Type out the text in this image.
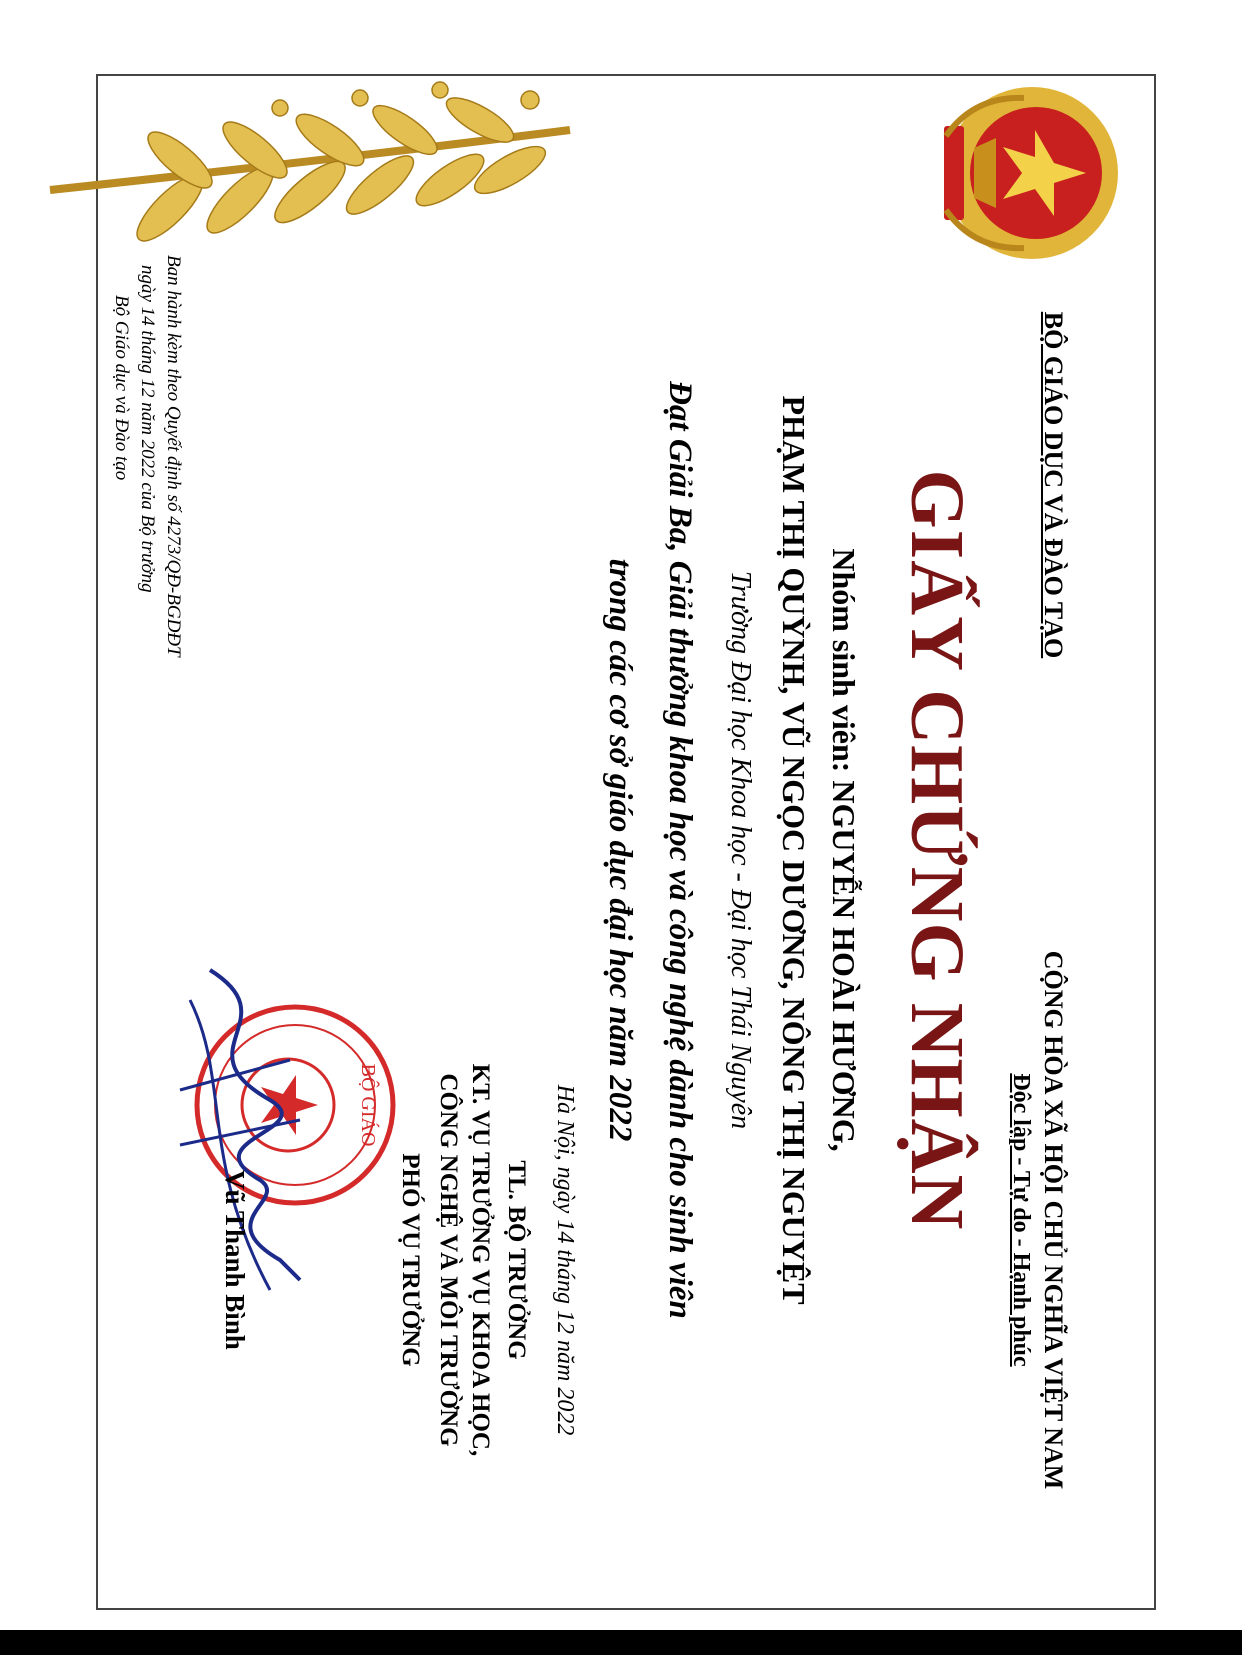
BỘ GIÁO DỤC VÀ ĐÀO TẠO
CỘNG HÒA XÃ HỘI CHỦ NGHĨA VIỆT NAM
Độc lập - Tự do - Hạnh phúc
GIẤY CHỨNG NHẬN
Nhóm sinh viên: NGUYỄN HOÀI HƯƠNG,
PHẠM THỊ QUỲNH, VŨ NGỌC DƯƠNG, NÔNG THỊ NGUYỆT
Trường Đại học Khoa học - Đại học Thái Nguyên
Đạt Giải Ba, Giải thưởng khoa học và công nghệ dành cho sinh viên
trong các cơ sở giáo dục đại học năm 2022
Hà Nội, ngày 14 tháng 12 năm 2022
TL. BỘ TRƯỞNG
KT. VỤ TRƯỞNG VỤ KHOA HỌC,
CÔNG NGHỆ VÀ MÔI TRƯỜNG
PHÓ VỤ TRƯỞNG
BỘ GIÁO
Vũ Thanh Bình
Ban hành kèm theo Quyết định số 4273/QĐ-BGDĐT
ngày 14 tháng 12 năm 2022 của Bộ trưởng
Bộ Giáo dục và Đào tạo
